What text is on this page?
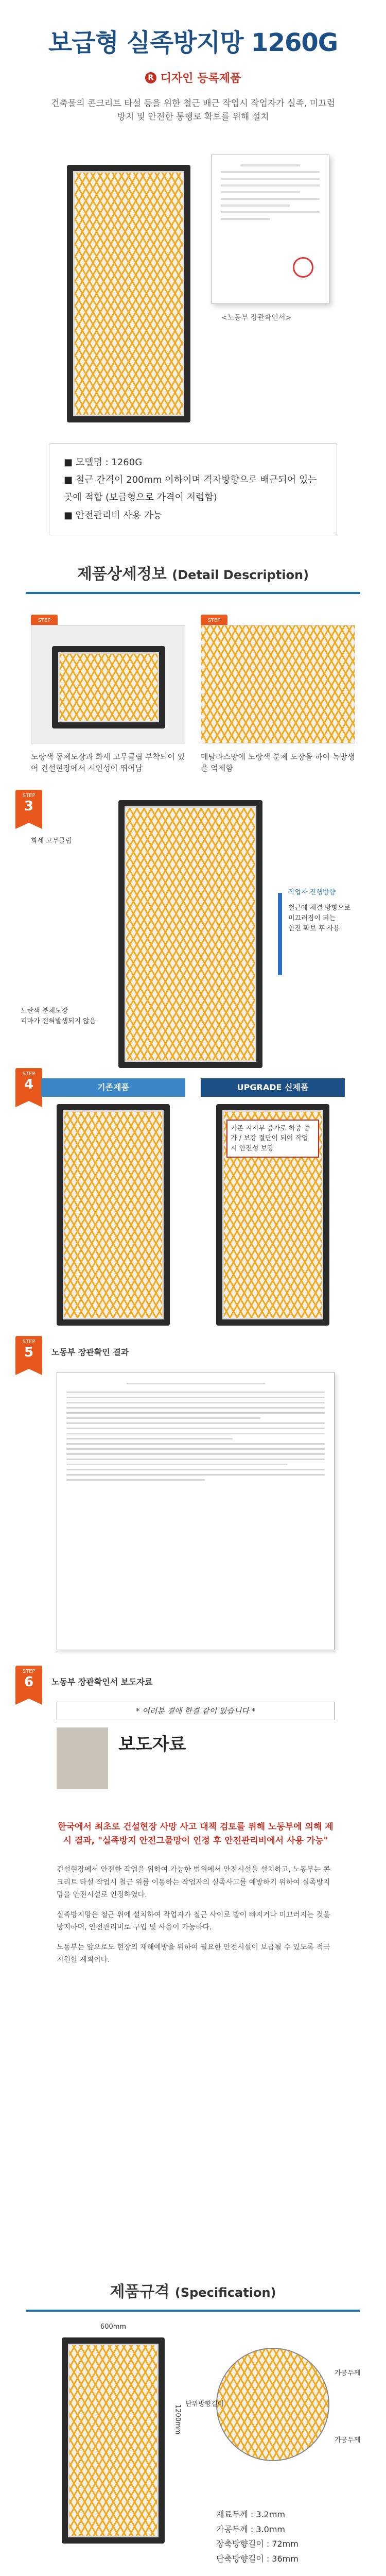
보급형 실족방지망 1260G
R 디자인 등록제품

건축물의 콘크리트 타설 등을 위한 철근 배근 작업시 작업자가 실족, 미끄럼 방지 및 안전한 통행로 확보를 위해 설치

<노동부 장관확인서>
■ 모델명 : 1260G
■ 철근 간격이 200mm 이하이며 격자방향으로 배근되어 있는 곳에 적합 (보급형으로 가격이 저렴함)
■ 안전관리비 사용 가능
제품상세정보 (Detail Description)
STEP

노랑색 동체도장과 화세 고무클립 부착되어 있어 건설현장에서 시인성이 뛰어남

STEP

메탈라스망에 노랑색 분체 도장을 하여 녹방생을 억제함

STEP
3
화세 고무클립
작업자 진행방향
철근에 체결 방향으로
미끄러짐이 되는
안전 확보 후 사용
노란색 분체도장
피마가 전혀발생되지 않음
STEP
4	기존제품	UPGRADE 신제품
기존 지지부 증가로 하중 증가 / 보강 절단이 되어 작업 시 안전성 보강
STEP
5	노동부 장관확인 결과
STEP
6	노동부 장관확인서 보도자료
* 여러분 곁에 한결 같이 있습니다 *
보도자료
한국에서 최초로 건설현장 사망 사고 대책 검토를 위해 노동부에 의해 제시 결과, "실족방지 안전그물망이 인정 후 안전관리비에서 사용 가능"

건설현장에서 안전한 작업을 위하여 가능한 범위에서 안전시설을 설치하고, 노동부는 콘크리트 타설 작업시 철근 위를 이동하는 작업자의 실족사고를 예방하기 위하여 실족방지망을 안전시설로 인정하였다.

실족방지망은 철근 위에 설치하여 작업자가 철근 사이로 발이 빠지거나 미끄러지는 것을 방지하며, 안전관리비로 구입 및 사용이 가능하다.

노동부는 앞으로도 현장의 재해예방을 위하여 필요한 안전시설이 보급될 수 있도록 적극 지원할 계획이다.

제품규격 (Specification)
600mm
1200mm
가공두께
단위방향길이
가공두께
재료두께 : 3.2mm
가공두께 : 3.0mm
장축방향길이 : 72mm
단축방향길이 : 36mm
